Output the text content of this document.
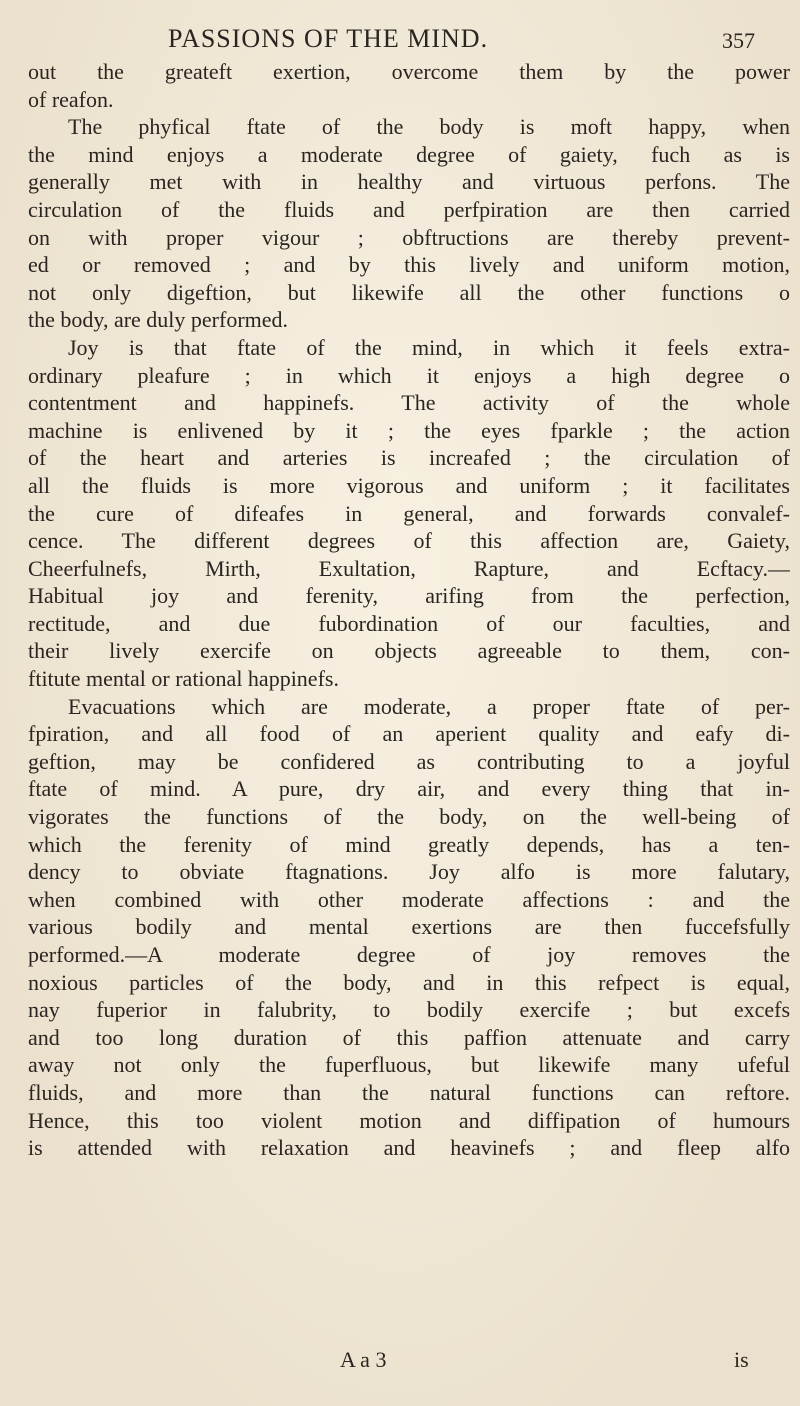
PASSIONS OF THE MIND.	357
out the greateft exertion, overcome them by the power
of reafon.
The phyfical ftate of the body is moft happy, when
the mind enjoys a moderate degree of gaiety, fuch as is
generally met with in healthy and virtuous perfons. The
circulation of the fluids and perfpiration are then carried
on with proper vigour ; obftructions are thereby prevent-
ed or removed ; and by this lively and uniform motion,
not only digeftion, but likewife all the other functions o
the body, are duly performed.
Joy is that ftate of the mind, in which it feels extra-
ordinary pleafure ; in which it enjoys a high degree o
contentment and happinefs. The activity of the whole
machine is enlivened by it ; the eyes fparkle ; the action
of the heart and arteries is increafed ; the circulation of
all the fluids is more vigorous and uniform ; it facilitates
the cure of difeafes in general, and forwards convalef-
cence. The different degrees of this affection are, Gaiety,
Cheerfulnefs, Mirth, Exultation, Rapture, and Ecftacy.—
Habitual joy and ferenity, arifing from the perfection,
rectitude, and due fubordination of our faculties, and
their lively exercife on objects agreeable to them, con-
ftitute mental or rational happinefs.
Evacuations which are moderate, a proper ftate of per-
fpiration, and all food of an aperient quality and eafy di-
geftion, may be confidered as contributing to a joyful
ftate of mind. A pure, dry air, and every thing that in-
vigorates the functions of the body, on the well-being of
which the ferenity of mind greatly depends, has a ten-
dency to obviate ftagnations. Joy alfo is more falutary,
when combined with other moderate affections : and the
various bodily and mental exertions are then fuccefsfully
performed.—A moderate degree of joy removes the
noxious particles of the body, and in this refpect is equal,
nay fuperior in falubrity, to bodily exercife ; but excefs
and too long duration of this paffion attenuate and carry
away not only the fuperfluous, but likewife many ufeful
fluids, and more than the natural functions can reftore.
Hence, this too violent motion and diffipation of humours
is attended with relaxation and heavinefs ; and fleep alfo
A a 3	is
